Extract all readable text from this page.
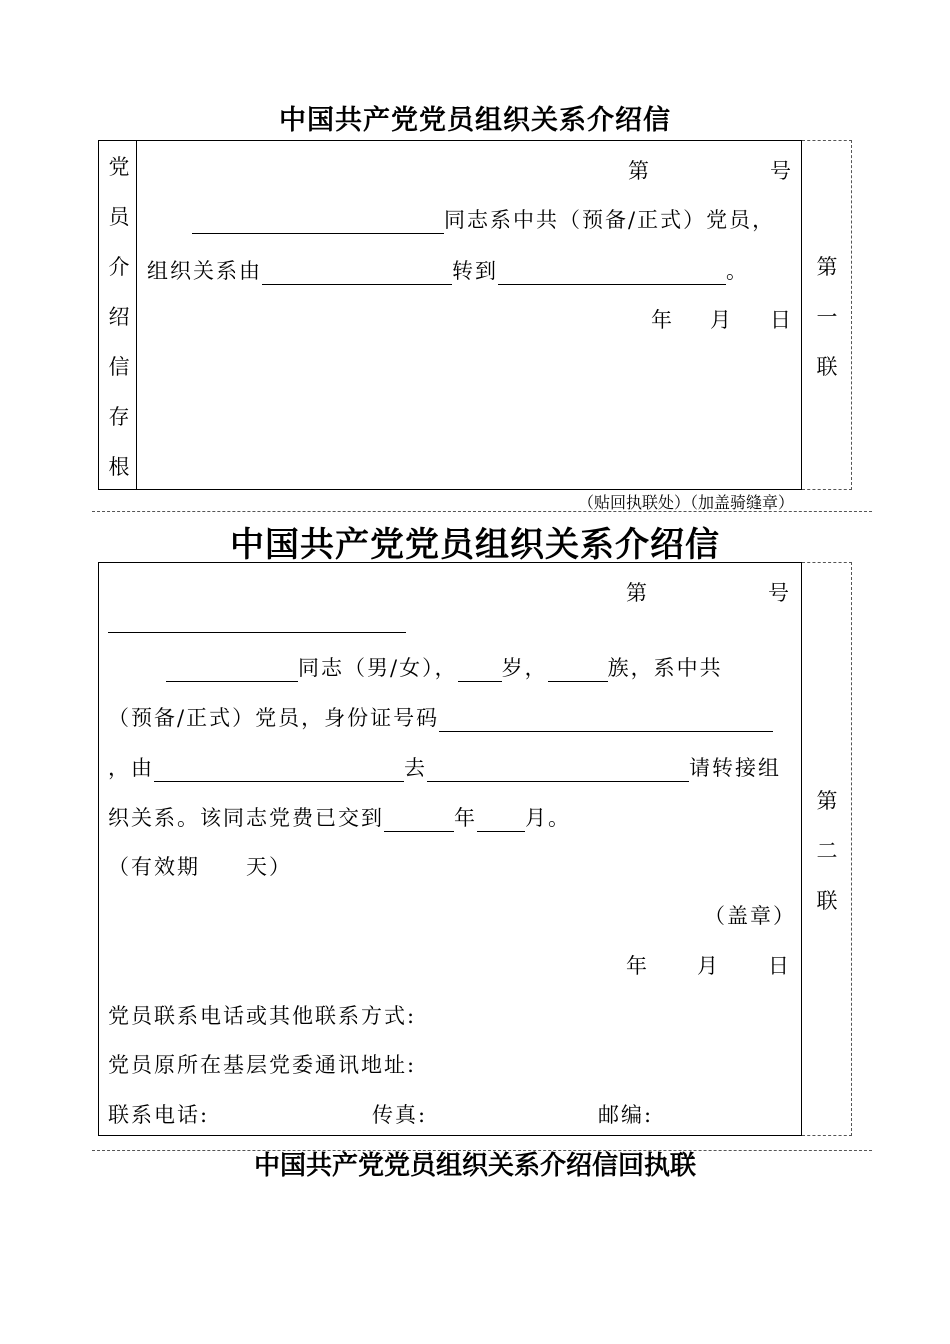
中国共产党党员组织关系介绍信
党
员
介
绍
信
存
根
第	号
同志系中共（预备/正式）党员，
组织关系由	转到	。
年 月 日
第
一
联
（贴回执联处）（加盖骑缝章）
中国共产党党员组织关系介绍信
第	号
同志（男/女）， 岁，	族，系中共
（预备/正式）党员，身份证号码
，由	去	请转接组
织关系。该同志党费已交到	年 月。
（有效期　　天）
（盖章）
年 月 日
党员联系电话或其他联系方式:
党员原所在基层党委通讯地址:
联系电话:	传真:	邮编:
第
二
联
中国共产党党员组织关系介绍信回执联
